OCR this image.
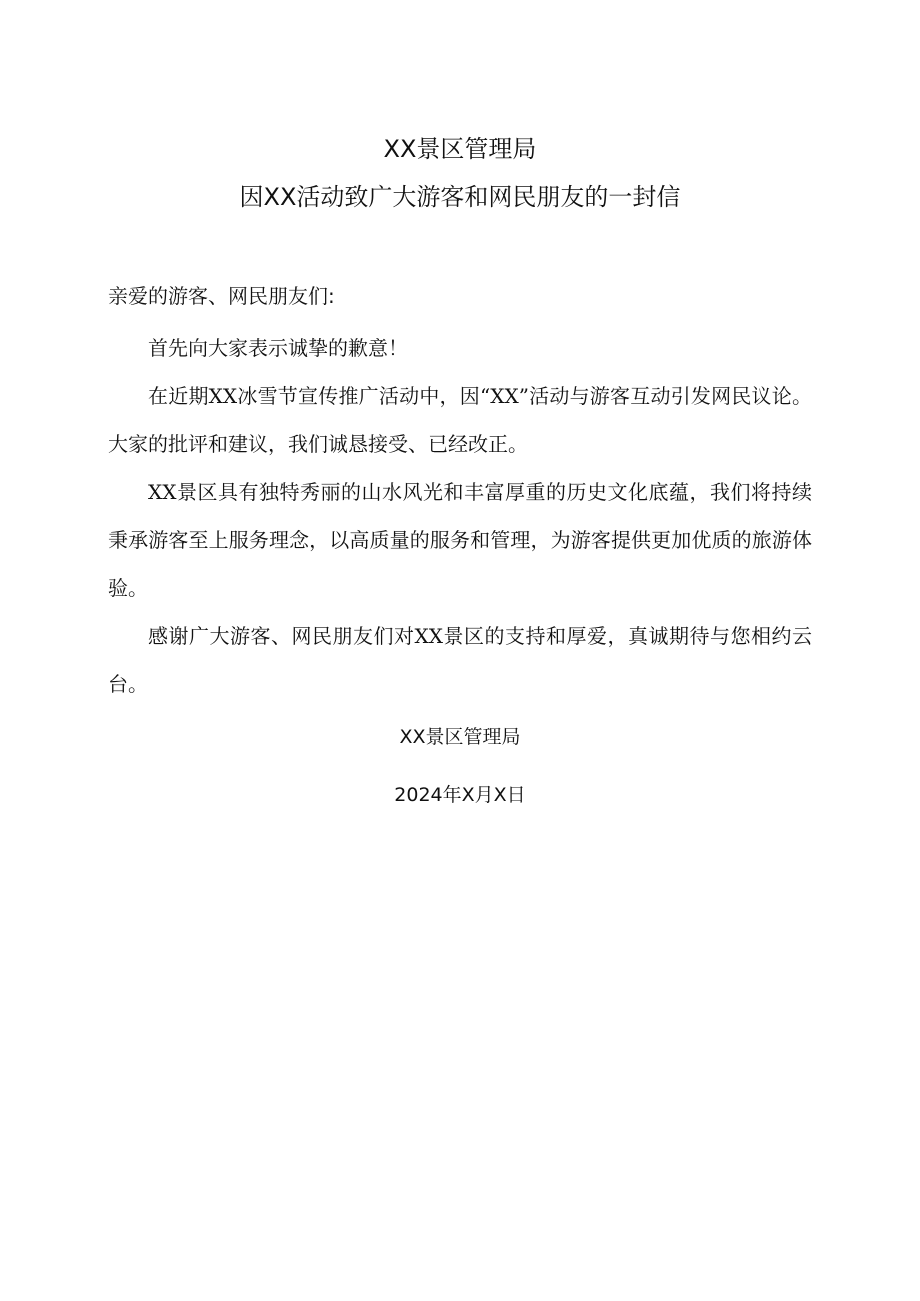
XX景区管理局
因XX活动致广大游客和网民朋友的一封信
亲爱的游客、网民朋友们:

首先向大家表示诚挚的歉意！

在近期XX冰雪节宣传推广活动中，因“XX”活动与游客互动引发网民议论。大家的批评和建议，我们诚恳接受、已经改正。

XX景区具有独特秀丽的山水风光和丰富厚重的历史文化底蕴，我们将持续秉承游客至上服务理念，以高质量的服务和管理，为游客提供更加优质的旅游体验。

感谢广大游客、网民朋友们对XX景区的支持和厚爱，真诚期待与您相约云台。

XX景区管理局
2024年X月X日
